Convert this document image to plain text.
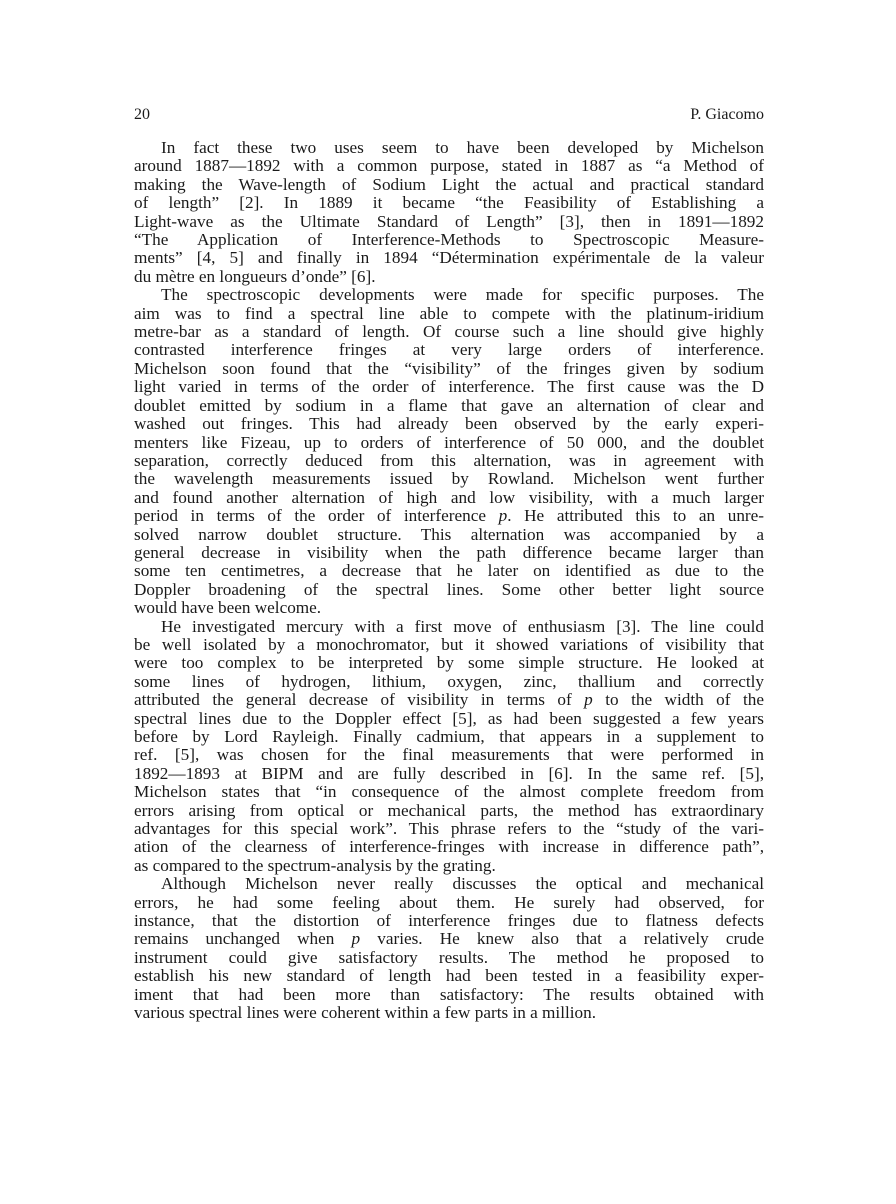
20	P. Giacomo
In fact these two uses seem to have been developed by Michelson
around 1887—1892 with a common purpose, stated in 1887 as “a Method of
making the Wave-length of Sodium Light the actual and practical standard
of length” [2]. In 1889 it became “the Feasibility of Establishing a
Light-wave as the Ultimate Standard of Length” [3], then in 1891—1892
“The Application of Interference-Methods to Spectroscopic Measure-
ments” [4, 5] and finally in 1894 “Détermination expérimentale de la valeur
du mètre en longueurs d’onde” [6].
The spectroscopic developments were made for specific purposes. The
aim was to find a spectral line able to compete with the platinum-iridium
metre-bar as a standard of length. Of course such a line should give highly
contrasted interference fringes at very large orders of interference.
Michelson soon found that the “visibility” of the fringes given by sodium
light varied in terms of the order of interference. The first cause was the D
doublet emitted by sodium in a flame that gave an alternation of clear and
washed out fringes. This had already been observed by the early experi-
menters like Fizeau, up to orders of interference of 50 000, and the doublet
separation, correctly deduced from this alternation, was in agreement with
the wavelength measurements issued by Rowland. Michelson went further
and found another alternation of high and low visibility, with a much larger
period in terms of the order of interference p. He attributed this to an unre-
solved narrow doublet structure. This alternation was accompanied by a
general decrease in visibility when the path difference became larger than
some ten centimetres, a decrease that he later on identified as due to the
Doppler broadening of the spectral lines. Some other better light source
would have been welcome.
He investigated mercury with a first move of enthusiasm [3]. The line could
be well isolated by a monochromator, but it showed variations of visibility that
were too complex to be interpreted by some simple structure. He looked at
some lines of hydrogen, lithium, oxygen, zinc, thallium and correctly
attributed the general decrease of visibility in terms of p to the width of the
spectral lines due to the Doppler effect [5], as had been suggested a few years
before by Lord Rayleigh. Finally cadmium, that appears in a supplement to
ref. [5], was chosen for the final measurements that were performed in
1892—1893 at BIPM and are fully described in [6]. In the same ref. [5],
Michelson states that “in consequence of the almost complete freedom from
errors arising from optical or mechanical parts, the method has extraordinary
advantages for this special work”. This phrase refers to the “study of the vari-
ation of the clearness of interference-fringes with increase in difference path”,
as compared to the spectrum-analysis by the grating.
Although Michelson never really discusses the optical and mechanical
errors, he had some feeling about them. He surely had observed, for
instance, that the distortion of interference fringes due to flatness defects
remains unchanged when p varies. He knew also that a relatively crude
instrument could give satisfactory results. The method he proposed to
establish his new standard of length had been tested in a feasibility exper-
iment that had been more than satisfactory: The results obtained with
various spectral lines were coherent within a few parts in a million.
